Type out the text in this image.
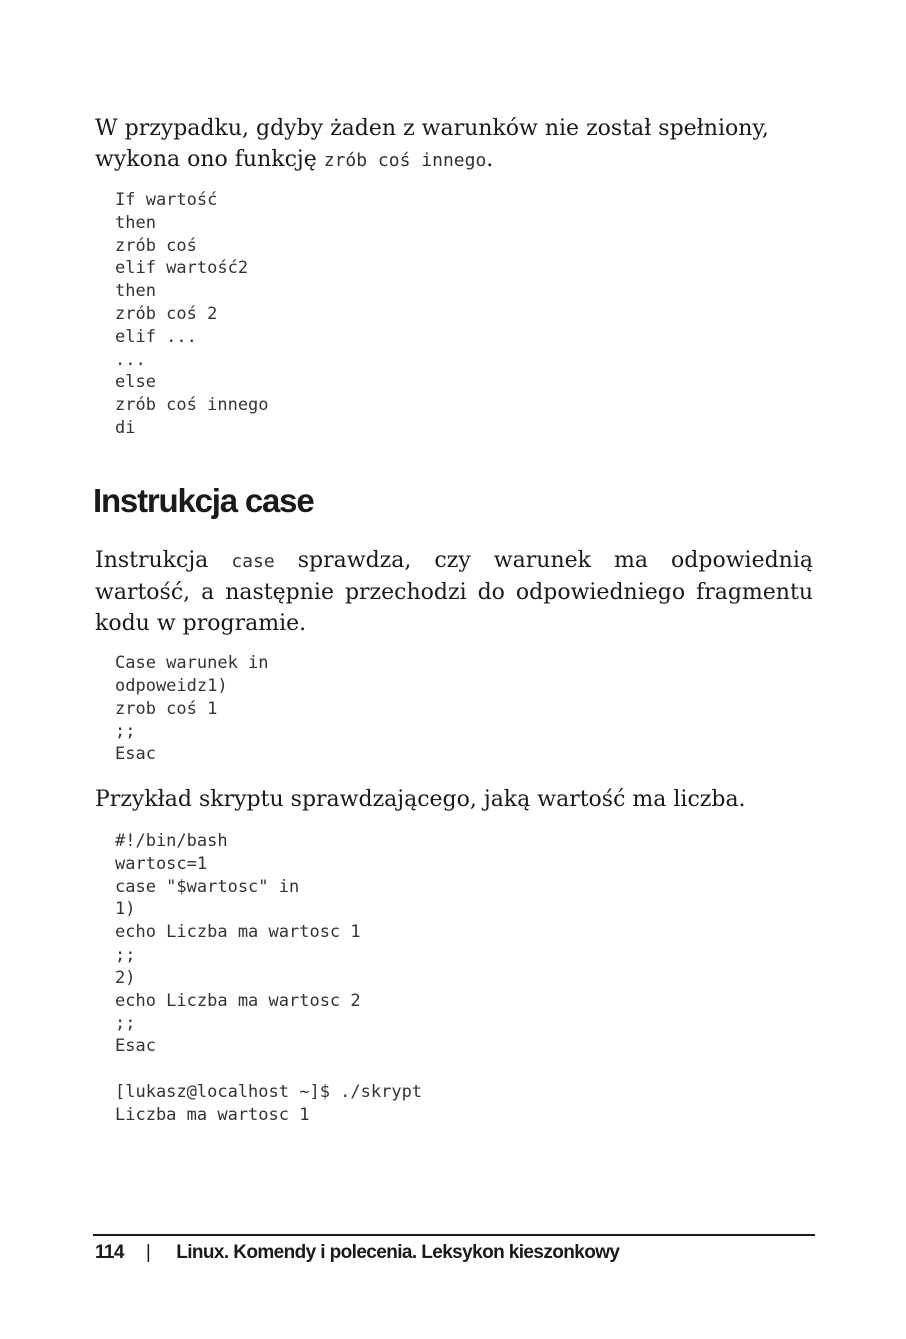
W przypadku, gdyby żaden z warunków nie został spełniony,
wykona ono funkcję zrób coś innego.

If wartość
then
zrób coś
elif wartość2
then
zrób coś 2
elif ...
...
else
zrób coś innego
di
Instrukcja case

Instrukcja case sprawdza, czy warunek ma odpowiednią wartość, a następnie przechodzi do odpowiedniego fragmentu kodu w programie.

Case warunek in
odpoweidz1)
zrob coś 1
;;
Esac

Przykład skryptu sprawdzającego, jaką wartość ma liczba.

#!/bin/bash
wartosc=1
case "$wartosc" in
1)
echo Liczba ma wartosc 1
;;
2)
echo Liczba ma wartosc 2
;;
Esac
[lukasz@localhost ~]$ ./skrypt
Liczba ma wartosc 1
114 | Linux. Komendy i polecenia. Leksykon kieszonkowy
